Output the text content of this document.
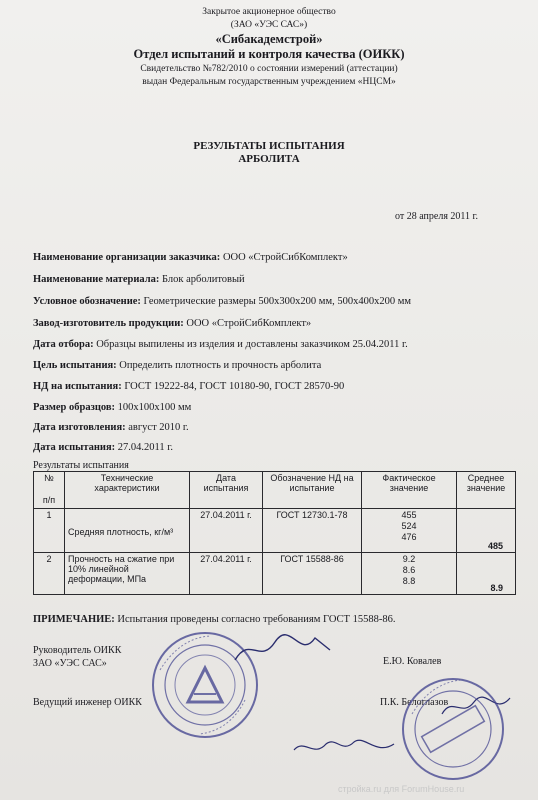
Закрытое акционерное общество
(ЗАО «УЭС САС»)
«Сибакадемстрой»
Отдел испытаний и контроля качества (ОИКК)
Свидетельство №782/2010 о состоянии измерений (аттестации)
выдан Федеральным государственным учреждением «НЦСМ»
РЕЗУЛЬТАТЫ ИСПЫТАНИЯ
АРБОЛИТА
от 28 апреля 2011 г.
Наименование организации заказчика: ООО «СтройСибКомплект»
Наименование материала: Блок арболитовый
Условное обозначение: Геометрические размеры 500х300х200 мм, 500х400х200 мм
Завод-изготовитель продукции: ООО «СтройСибКомплект»
Дата отбора: Образцы выпилены из изделия и доставлены заказчиком 25.04.2011 г.
Цель испытания: Определить плотность и прочность арболита
НД на испытания: ГОСТ 19222-84, ГОСТ 10180-90, ГОСТ 28570-90
Размер образцов: 100х100х100 мм
Дата изготовления: август 2010 г.
Дата испытания: 27.04.2011 г.
Результаты испытания
№
п/п	Технические характеристики	Дата испытания	Обозначение НД на испытание	Фактическое значение	Среднее значение
1	Средняя плотность, кг/м³	27.04.2011 г.	ГОСТ 12730.1-78	455
524
476	485
2	Прочность на сжатие при 10% линейной деформации, МПа	27.04.2011 г.	ГОСТ 15588-86	9.2
8.6
8.8	8.9
ПРИМЕЧАНИЕ: Испытания проведены согласно требованиям ГОСТ 15588-86.
Руководитель ОИКК
ЗАО «УЭС САС»	Е.Ю. Ковалев
Ведущий инженер ОИКК	П.К. Белоглазов
стройка.ru для ForumHouse.ru
